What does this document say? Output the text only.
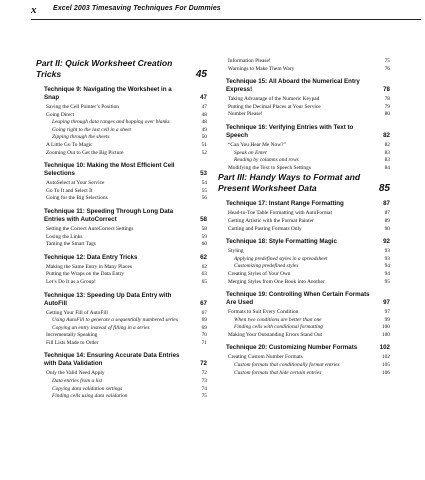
x Excel 2003 Timesaving Techniques For Dummies
Part II: Quick Worksheet Creation Tricks	45
Technique 9: Navigating the Worksheet in a Snap	47
Saving the Cell Pointer’s Position	47
Going Direct	48
Leaping through data ranges and hopping over blanks	48
Going right to the last cell in a sheet	49
Zipping through the sheets	50
A Little Go To Magic	51
Zooming Out to Get the Big Picture	52
Technique 10: Making the Most Efficient Cell Selections	53
AutoSelect at Your Service	54
Go To It and Select It	55
Going for the Big Selections	56
Technique 11: Speeding Through Long Data Entries with AutoCorrect	58
Setting the Correct AutoCorrect Settings	58
Losing the Links	59
Taming the Smart Tags	60
Technique 12: Data Entry Tricks	62
Making the Same Entry in Many Places	62
Putting the Wraps on the Data Entry	63
Let’s Do It as a Group!	65
Technique 13: Speeding Up Data Entry with AutoFill	67
Getting Your Fill of AutoFill	67
Using AutoFill to generate a sequentially numbered series	69
Copying an entry instead of filling in a series	69
Incrementally Speaking	70
Fill Lists Made to Order	71
Technique 14: Ensuring Accurate Data Entries with Data Validation	72
Only the Valid Need Apply	72
Data entries from a list	73
Copying data validation settings	74
Finding cells using data validation	75
Information Please!	75
Warnings to Make Them Wary	76
Technique 15: All Aboard the Numerical Entry Express!	78
Taking Advantage of the Numeric Keypad	78
Putting the Decimal Places at Your Service	79
Number Please!	80
Technique 16: Verifying Entries with Text to Speech	82
“Can You Hear Me Now?”	82
Speak on Enter	83
Reading by columns and rows	83
Modifying the Text to Speech Settings	84
Part III: Handy Ways to Format and Present Worksheet Data	85
Technique 17: Instant Range Formatting	87
Head-to-Toe Table Formatting with AutoFormat	87
Getting Artistic with the Format Painter	89
Cutting and Pasting Formats Only	90
Technique 18: Style Formatting Magic	92
Styling	93
Applying predefined styles in a spreadsheet	93
Customizing predefined styles	94
Creating Styles of Your Own	94
Merging Styles from One Book into Another	95
Technique 19: Controlling When Certain Formats Are Used	97
Formats to Suit Every Condition	97
When two conditions are better than one	99
Finding cells with conditional formatting	100
Making Your Outstanding Errors Stand Out	100
Technique 20: Customizing Number Formats	102
Creating Custom Number Formats	102
Custom formats that conditionally format entries	105
Custom formats that hide certain entries	106
